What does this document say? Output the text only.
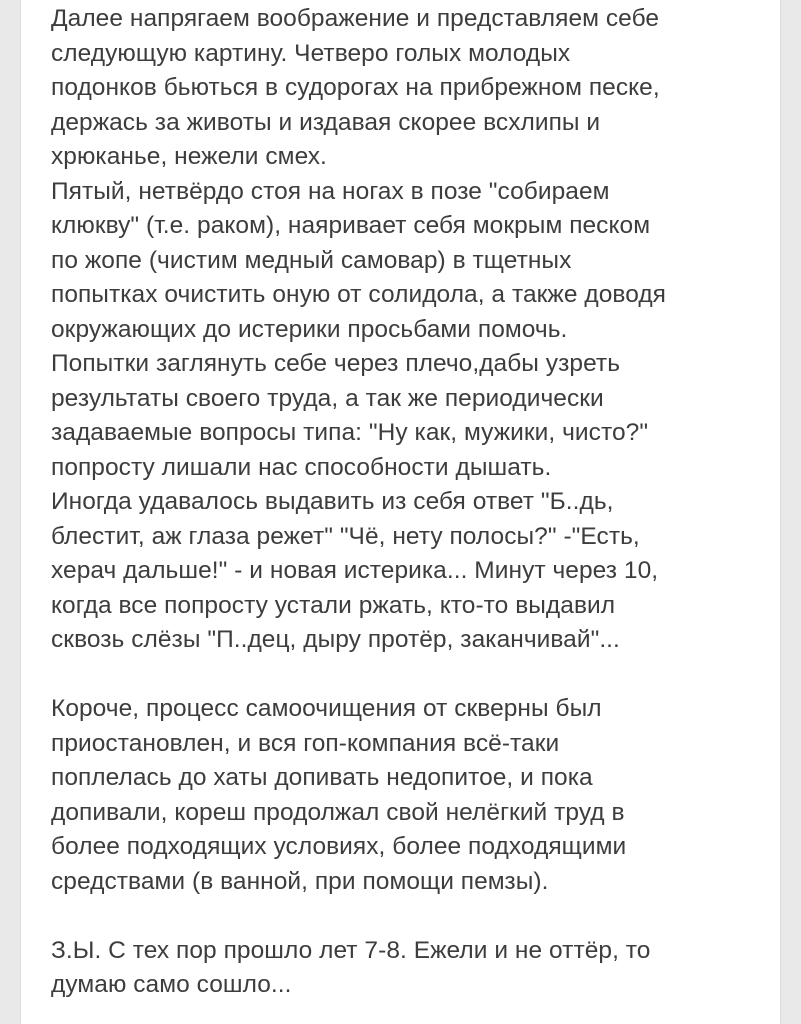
Далее напрягаем воображение и представляем себе
следующую картину. Четверо голых молодых
подонков бьються в судорогах на прибрежном песке,
держась за животы и издавая скорее всхлипы и
хрюканье, нежели смех.
Пятый, нетвёрдо стоя на ногах в позе "собираем
клюкву" (т.е. раком), наяривает себя мокрым песком
по жопе (чистим медный самовар) в тщетных
попытках очистить оную от солидола, а также доводя
окружающих до истерики просьбами помочь.
Попытки заглянуть себе через плечо,дабы узреть
результаты своего труда, а так же периодически
задаваемые вопросы типа: "Ну как, мужики, чисто?"
попросту лишали нас способности дышать.
Иногда удавалось выдавить из себя ответ "Б..дь,
блестит, аж глаза режет" "Чё, нету полосы?" -"Есть,
херач дальше!" - и новая истерика... Минут через 10,
когда все попросту устали ржать, кто-то выдавил
сквозь слёзы "П..дец, дыру протёр, заканчивай"...
Короче, процесс самоочищения от скверны был
приостановлен, и вся гоп-компания всё-таки
поплелась до хаты допивать недопитое, и пока
допивали, кореш продолжал свой нелёгкий труд в
более подходящих условиях, более подходящими
средствами (в ванной, при помощи пемзы).
З.Ы. С тех пор прошло лет 7-8. Ежели и не оттёр, то
думаю само сошло...
